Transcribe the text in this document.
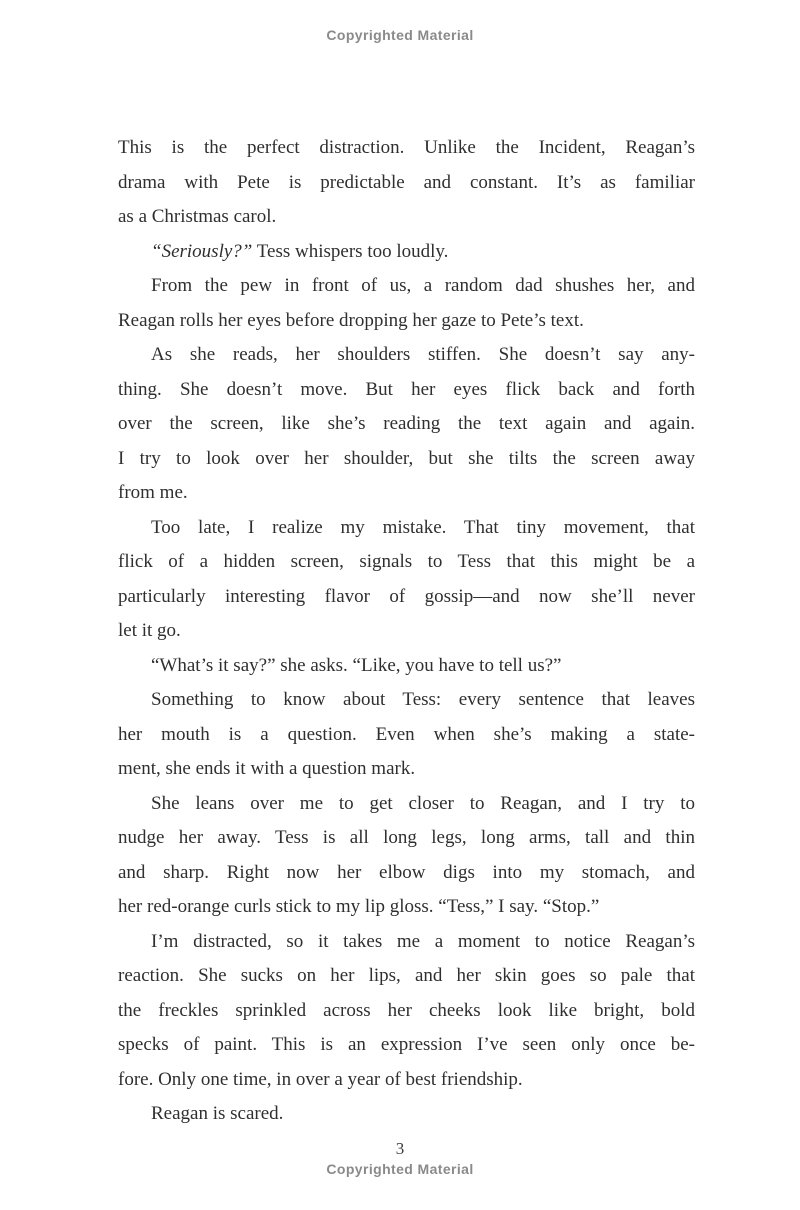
Copyrighted Material
This is the perfect distraction. Unlike the Incident, Reagan’s
drama with Pete is predictable and constant. It’s as familiar
as a Christmas carol.
“Seriously?” Tess whispers too loudly.
From the pew in front of us, a random dad shushes her, and
Reagan rolls her eyes before dropping her gaze to Pete’s text.
As she reads, her shoulders stiffen. She doesn’t say any-
thing. She doesn’t move. But her eyes flick back and forth
over the screen, like she’s reading the text again and again.
I try to look over her shoulder, but she tilts the screen away
from me.
Too late, I realize my mistake. That tiny movement, that
flick of a hidden screen, signals to Tess that this might be a
particularly interesting flavor of gossip—and now she’ll never
let it go.
“What’s it say?” she asks. “Like, you have to tell us?”
Something to know about Tess: every sentence that leaves
her mouth is a question. Even when she’s making a state-
ment, she ends it with a question mark.
She leans over me to get closer to Reagan, and I try to
nudge her away. Tess is all long legs, long arms, tall and thin
and sharp. Right now her elbow digs into my stomach, and
her red-orange curls stick to my lip gloss. “Tess,” I say. “Stop.”
I’m distracted, so it takes me a moment to notice Reagan’s
reaction. She sucks on her lips, and her skin goes so pale that
the freckles sprinkled across her cheeks look like bright, bold
specks of paint. This is an expression I’ve seen only once be-
fore. Only one time, in over a year of best friendship.
Reagan is scared.
3
Copyrighted Material
